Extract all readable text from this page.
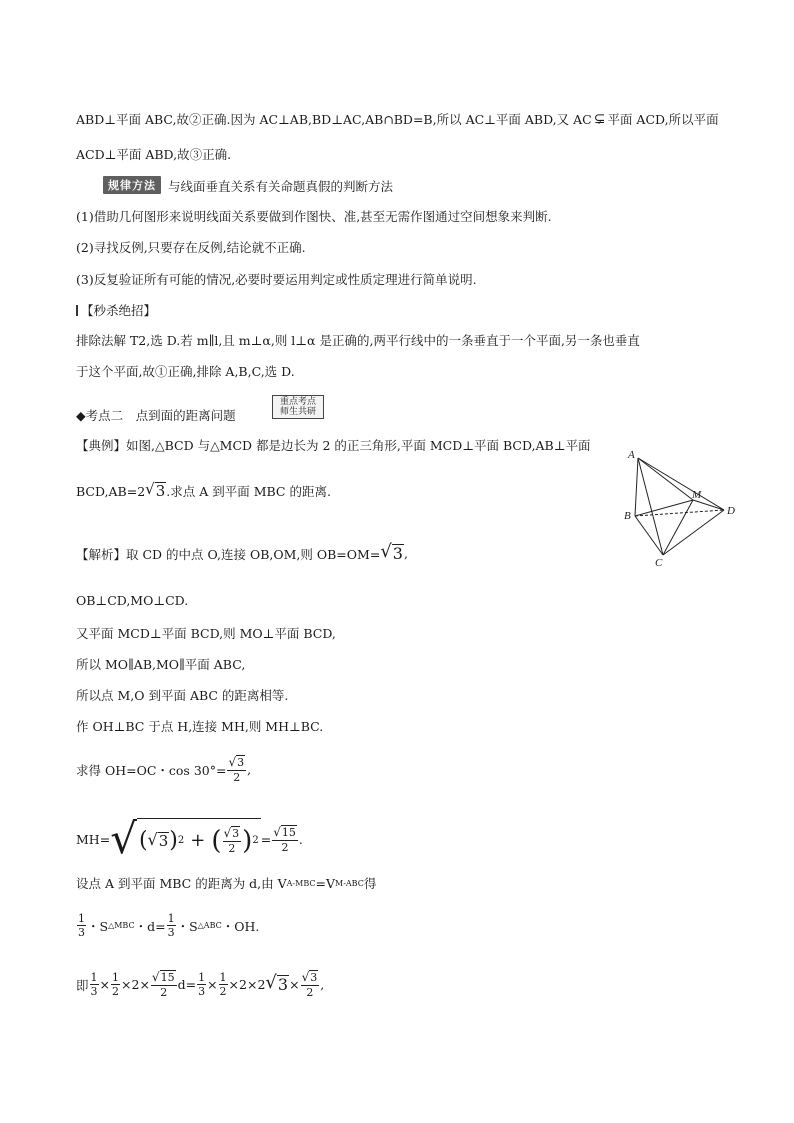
ABD⊥平面 ABC,故②正确.因为 AC⊥AB,BD⊥AC,AB∩BD=B,所以 AC⊥平面 ABD,又 AC ⊊ 平面 ACD,所以平面
ACD⊥平面 ABD,故③正确.
规律方法 与线面垂直关系有关命题真假的判断方法
(1)借助几何图形来说明线面关系要做到作图快、准,甚至无需作图通过空间想象来判断.
(2)寻找反例,只要存在反例,结论就不正确.
(3)反复验证所有可能的情况,必要时要运用判定或性质定理进行简单说明.
【秒杀绝招】
排除法解 T2,选 D.若 m∥l,且 m⊥α,则 l⊥α 是正确的,两平行线中的一条垂直于一个平面,另一条也垂直
于这个平面,故①正确,排除 A,B,C,选 D.
◆考点二　点到面的距离问题
重点考点
师生共研
【典例】如图,△BCD 与△MCD 都是边长为 2 的正三角形,平面 MCD⊥平面 BCD,AB⊥平面
BCD,AB=2 √ 3 .求点 A 到平面 MBC 的距离.
A
B
C
D
M
【解析】取 CD 的中点 O,连接 OB,OM,则 OB=OM= √ 3 ,
OB⊥CD,MO⊥CD.
又平面 MCD⊥平面 BCD,则 MO⊥平面 BCD,
所以 MO∥AB,MO∥平面 ABC,
所以点 M,O 到平面 ABC 的距离相等.
作 OH⊥BC 于点 H,连接 MH,则 MH⊥BC.
求得 OH=OC・$\cos 30^\circ= \frac{√ 3}{2}$ ,
MH= √ ( √ 3 ) 2 + ( $\frac{√ 3}{2}$ ) $2 = \frac{√ 15}{2}$ .
设点 A 到平面 MBC 的距离为 d,由 V A-MBC =V M-ABC 得
$\frac{1}{3}$ ・S △MBC ・$d= \frac{1}{3}$ ・S △ABC ・OH.
即 $\frac{1}{3} \times \frac{1}{2} \times 2 \times \frac{√ 15}{2} d= \frac{1}{3} \times \frac{1}{2} \times 2 \times 2$ √ $3 \times \frac{√ 3}{2}$ ,
